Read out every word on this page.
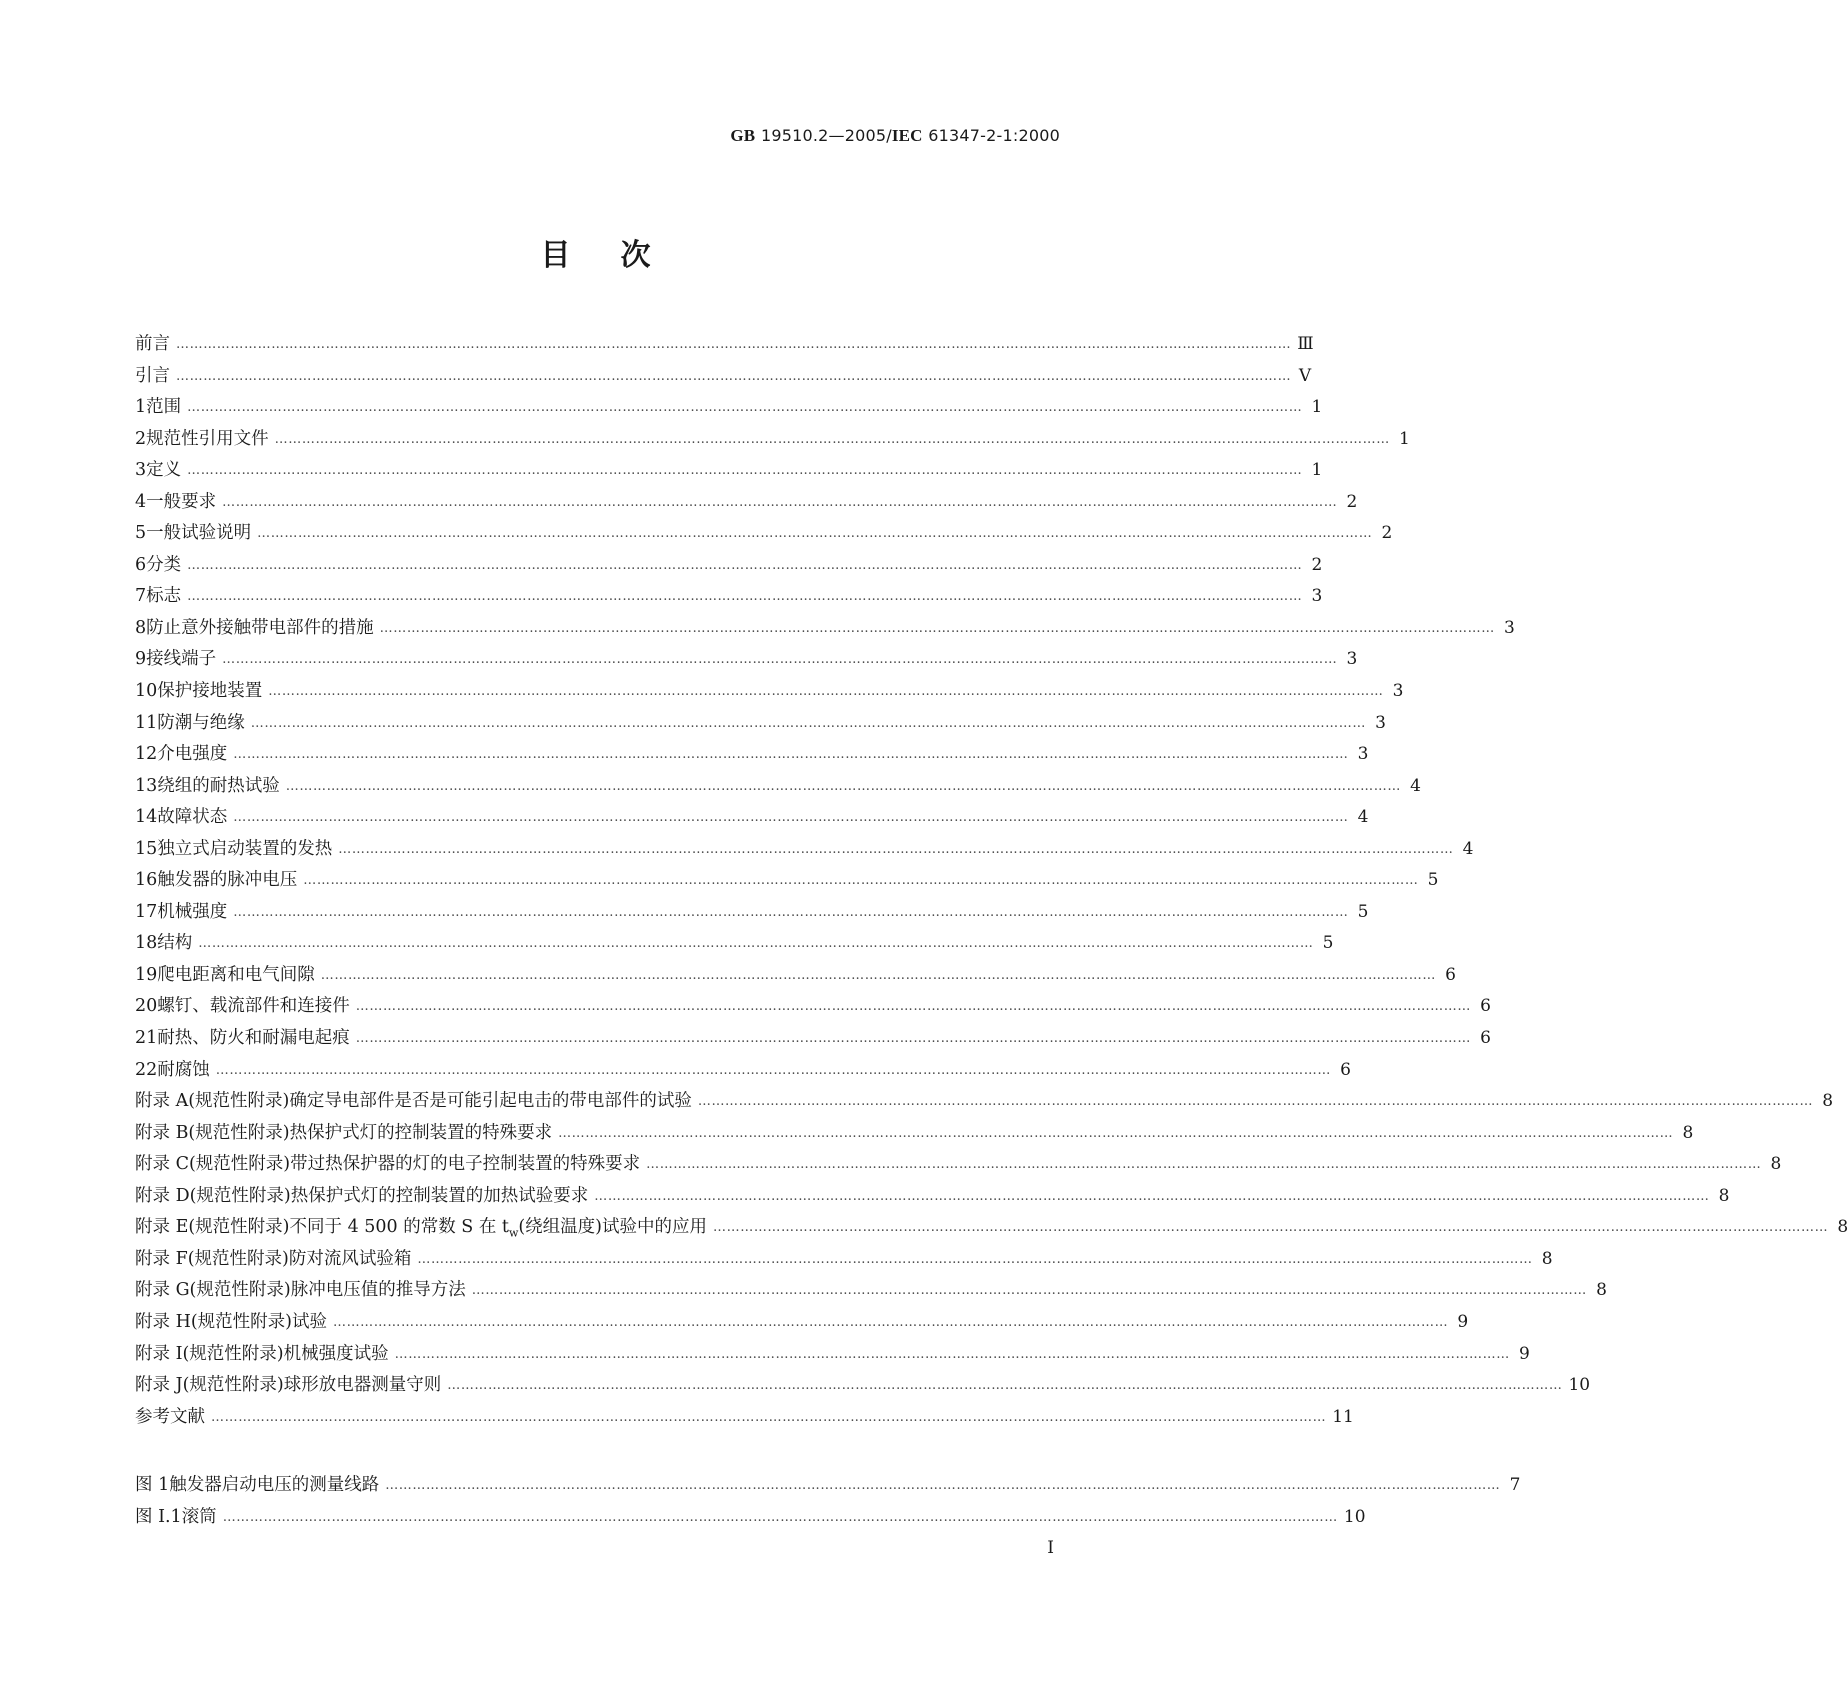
GB 19510.2—2005/IEC 61347-2-1:2000
目 次
前言 ………………………………………………………………………………………………………………………………………………………………………………………………………………………… Ⅲ
引言 ………………………………………………………………………………………………………………………………………………………………………………………………………………………… V
1 范围 ………………………………………………………………………………………………………………………………………………………………………………………………………………………… 1
2 规范性引用文件 ………………………………………………………………………………………………………………………………………………………………………………………………………………………… 1
3 定义 ………………………………………………………………………………………………………………………………………………………………………………………………………………………… 1
4 一般要求 ………………………………………………………………………………………………………………………………………………………………………………………………………………………… 2
5 一般试验说明 ………………………………………………………………………………………………………………………………………………………………………………………………………………………… 2
6 分类 ………………………………………………………………………………………………………………………………………………………………………………………………………………………… 2
7 标志 ………………………………………………………………………………………………………………………………………………………………………………………………………………………… 3
8 防止意外接触带电部件的措施 ………………………………………………………………………………………………………………………………………………………………………………………………………………………… 3
9 接线端子 ………………………………………………………………………………………………………………………………………………………………………………………………………………………… 3
10 保护接地装置 ………………………………………………………………………………………………………………………………………………………………………………………………………………………… 3
11 防潮与绝缘 ………………………………………………………………………………………………………………………………………………………………………………………………………………………… 3
12 介电强度 ………………………………………………………………………………………………………………………………………………………………………………………………………………………… 3
13 绕组的耐热试验 ………………………………………………………………………………………………………………………………………………………………………………………………………………………… 4
14 故障状态 ………………………………………………………………………………………………………………………………………………………………………………………………………………………… 4
15 独立式启动装置的发热 ………………………………………………………………………………………………………………………………………………………………………………………………………………………… 4
16 触发器的脉冲电压 ………………………………………………………………………………………………………………………………………………………………………………………………………………………… 5
17 机械强度 ………………………………………………………………………………………………………………………………………………………………………………………………………………………… 5
18 结构 ………………………………………………………………………………………………………………………………………………………………………………………………………………………… 5
19 爬电距离和电气间隙 ………………………………………………………………………………………………………………………………………………………………………………………………………………………… 6
20 螺钉、载流部件和连接件 ………………………………………………………………………………………………………………………………………………………………………………………………………………………… 6
21 耐热、防火和耐漏电起痕 ………………………………………………………………………………………………………………………………………………………………………………………………………………………… 6
22 耐腐蚀 ………………………………………………………………………………………………………………………………………………………………………………………………………………………… 6
附录 A(规范性附录) 确定导电部件是否是可能引起电击的带电部件的试验 ………………………………………………………………………………………………………………………………………………………………………………………………………………………… 8
附录 B(规范性附录) 热保护式灯的控制装置的特殊要求 ………………………………………………………………………………………………………………………………………………………………………………………………………………………… 8
附录 C(规范性附录) 带过热保护器的灯的电子控制装置的特殊要求 ………………………………………………………………………………………………………………………………………………………………………………………………………………………… 8
附录 D(规范性附录) 热保护式灯的控制装置的加热试验要求 ………………………………………………………………………………………………………………………………………………………………………………………………………………………… 8
附录 E(规范性附录) 不同于 4 500 的常数 S 在 $t_w$(绕组温度)试验中的应用 ………………………………………………………………………………………………………………………………………………………………………………………………………………………… 8
附录 F(规范性附录) 防对流风试验箱 ………………………………………………………………………………………………………………………………………………………………………………………………………………………… 8
附录 G(规范性附录) 脉冲电压值的推导方法 ………………………………………………………………………………………………………………………………………………………………………………………………………………………… 8
附录 H(规范性附录) 试验 ………………………………………………………………………………………………………………………………………………………………………………………………………………………… 9
附录 I(规范性附录) 机械强度试验 ………………………………………………………………………………………………………………………………………………………………………………………………………………………… 9
附录 J(规范性附录) 球形放电器测量守则 ………………………………………………………………………………………………………………………………………………………………………………………………………………………… 10
参考文献 ………………………………………………………………………………………………………………………………………………………………………………………………………………………… 11
图 1 触发器启动电压的测量线路 ………………………………………………………………………………………………………………………………………………………………………………………………………………………… 7
图 I.1 滚筒 ………………………………………………………………………………………………………………………………………………………………………………………………………………………… 10
I
